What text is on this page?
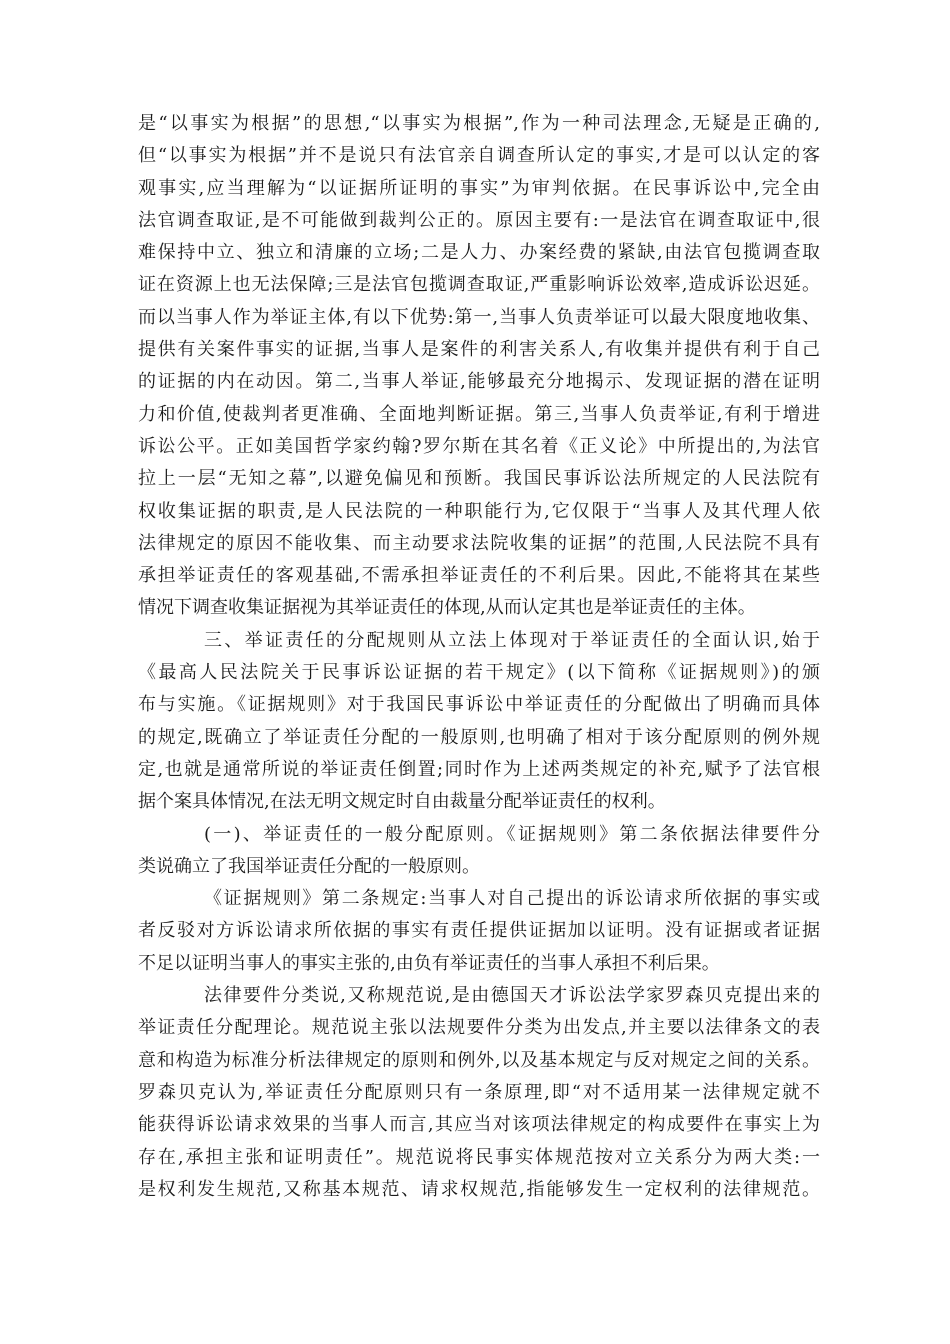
是“以事实为根据”的思想,“以事实为根据”,作为一种司法理念,无疑是正确的,
但“以事实为根据”并不是说只有法官亲自调查所认定的事实,才是可以认定的客
观事实,应当理解为“以证据所证明的事实”为审判依据。在民事诉讼中,完全由
法官调查取证,是不可能做到裁判公正的。原因主要有:一是法官在调查取证中,很
难保持中立、独立和清廉的立场;二是人力、办案经费的紧缺,由法官包揽调查取
证在资源上也无法保障;三是法官包揽调查取证,严重影响诉讼效率,造成诉讼迟延。
而以当事人作为举证主体,有以下优势:第一,当事人负责举证可以最大限度地收集、
提供有关案件事实的证据,当事人是案件的利害关系人,有收集并提供有利于自己
的证据的内在动因。第二,当事人举证,能够最充分地揭示、发现证据的潜在证明
力和价值,使裁判者更准确、全面地判断证据。第三,当事人负责举证,有利于增进
诉讼公平。正如美国哲学家约翰?罗尔斯在其名着《正义论》中所提出的,为法官
拉上一层“无知之幕”,以避免偏见和预断。我国民事诉讼法所规定的人民法院有
权收集证据的职责,是人民法院的一种职能行为,它仅限于“当事人及其代理人依
法律规定的原因不能收集、而主动要求法院收集的证据”的范围,人民法院不具有
承担举证责任的客观基础,不需承担举证责任的不利后果。因此,不能将其在某些
情况下调查收集证据视为其举证责任的体现,从而认定其也是举证责任的主体。
三、举证责任的分配规则从立法上体现对于举证责任的全面认识,始于
《最高人民法院关于民事诉讼证据的若干规定》(以下简称《证据规则》)的颁
布与实施。《证据规则》对于我国民事诉讼中举证责任的分配做出了明确而具体
的规定,既确立了举证责任分配的一般原则,也明确了相对于该分配原则的例外规
定,也就是通常所说的举证责任倒置;同时作为上述两类规定的补充,赋予了法官根
据个案具体情况,在法无明文规定时自由裁量分配举证责任的权利。
(一)、举证责任的一般分配原则。《证据规则》第二条依据法律要件分
类说确立了我国举证责任分配的一般原则。
《证据规则》第二条规定:当事人对自己提出的诉讼请求所依据的事实或
者反驳对方诉讼请求所依据的事实有责任提供证据加以证明。没有证据或者证据
不足以证明当事人的事实主张的,由负有举证责任的当事人承担不利后果。
法律要件分类说,又称规范说,是由德国天才诉讼法学家罗森贝克提出来的
举证责任分配理论。规范说主张以法规要件分类为出发点,并主要以法律条文的表
意和构造为标准分析法律规定的原则和例外,以及基本规定与反对规定之间的关系。
罗森贝克认为,举证责任分配原则只有一条原理,即“对不适用某一法律规定就不
能获得诉讼请求效果的当事人而言,其应当对该项法律规定的构成要件在事实上为
存在,承担主张和证明责任”。规范说将民事实体规范按对立关系分为两大类:一
是权利发生规范,又称基本规范、请求权规范,指能够发生一定权利的法律规范。
